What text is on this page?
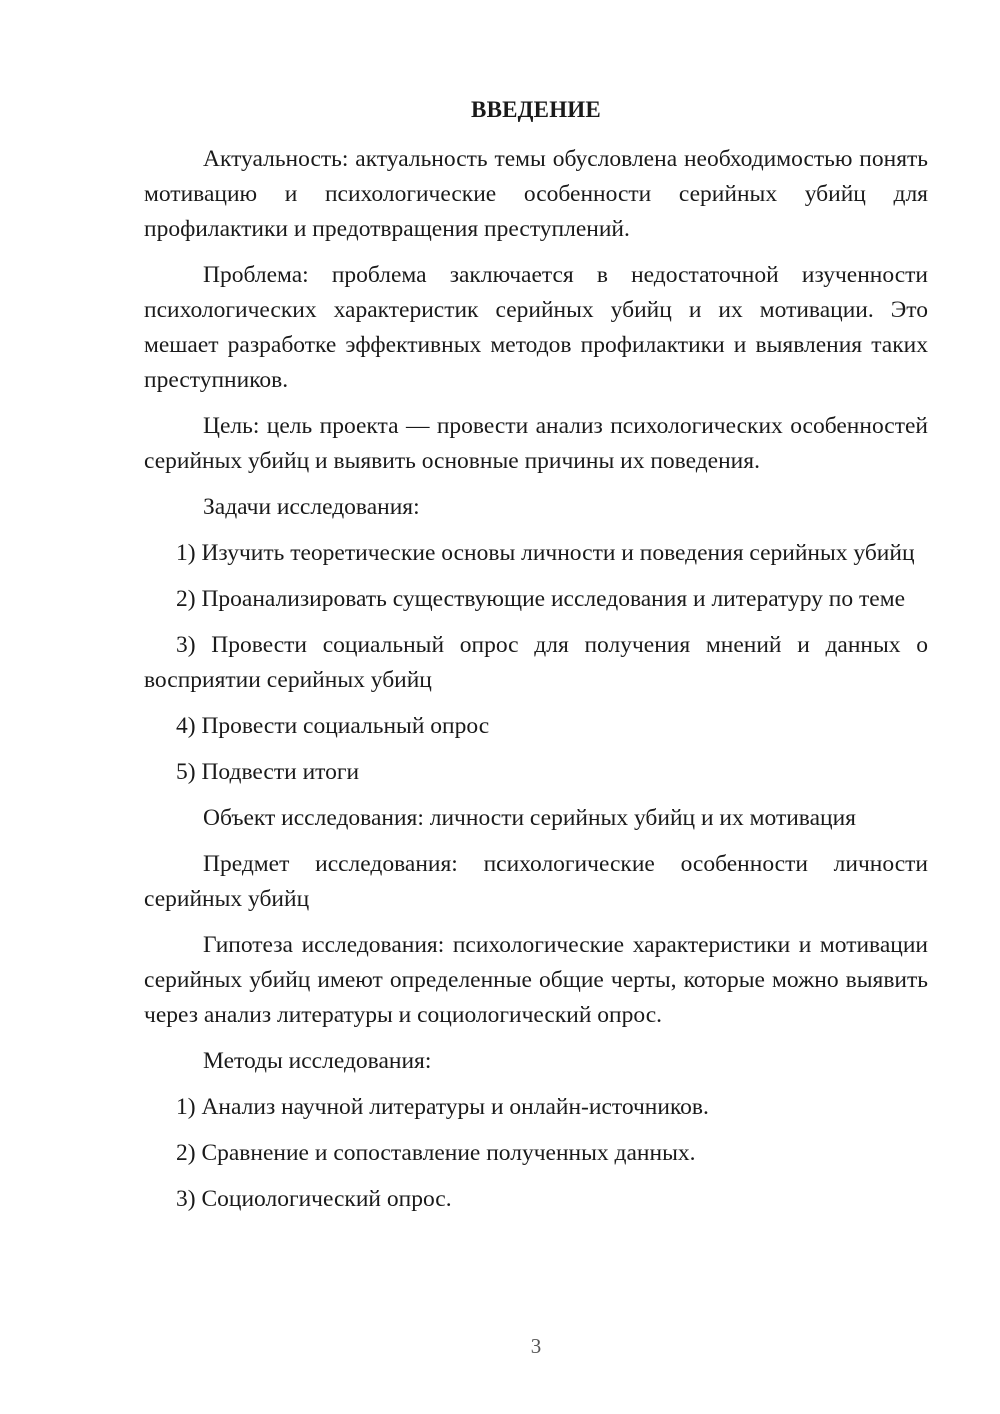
ВВЕДЕНИЕ

Актуальность: актуальность темы обусловлена необходимостью понять мотивацию и психологические особенности серийных убийц для профилактики и предотвращения преступлений.

Проблема: проблема заключается в недостаточной изученности психологических характеристик серийных убийц и их мотивации. Это мешает разработке эффективных методов профилактики и выявления таких преступников.

Цель: цель проекта — провести анализ психологических особенностей серийных убийц и выявить основные причины их поведения.

Задачи исследования:

1) Изучить теоретические основы личности и поведения серийных убийц

2) Проанализировать существующие исследования и литературу по теме

3) Провести социальный опрос для получения мнений и данных о восприятии серийных убийц

4) Провести социальный опрос

5) Подвести итоги

Объект исследования: личности серийных убийц и их мотивация

Предмет исследования: психологические особенности личности серийных убийц

Гипотеза исследования: психологические характеристики и мотивации серийных убийц имеют определенные общие черты, которые можно выявить через анализ литературы и социологический опрос.

Методы исследования:

1) Анализ научной литературы и онлайн-источников.

2) Сравнение и сопоставление полученных данных.

3) Социологический опрос.

3
